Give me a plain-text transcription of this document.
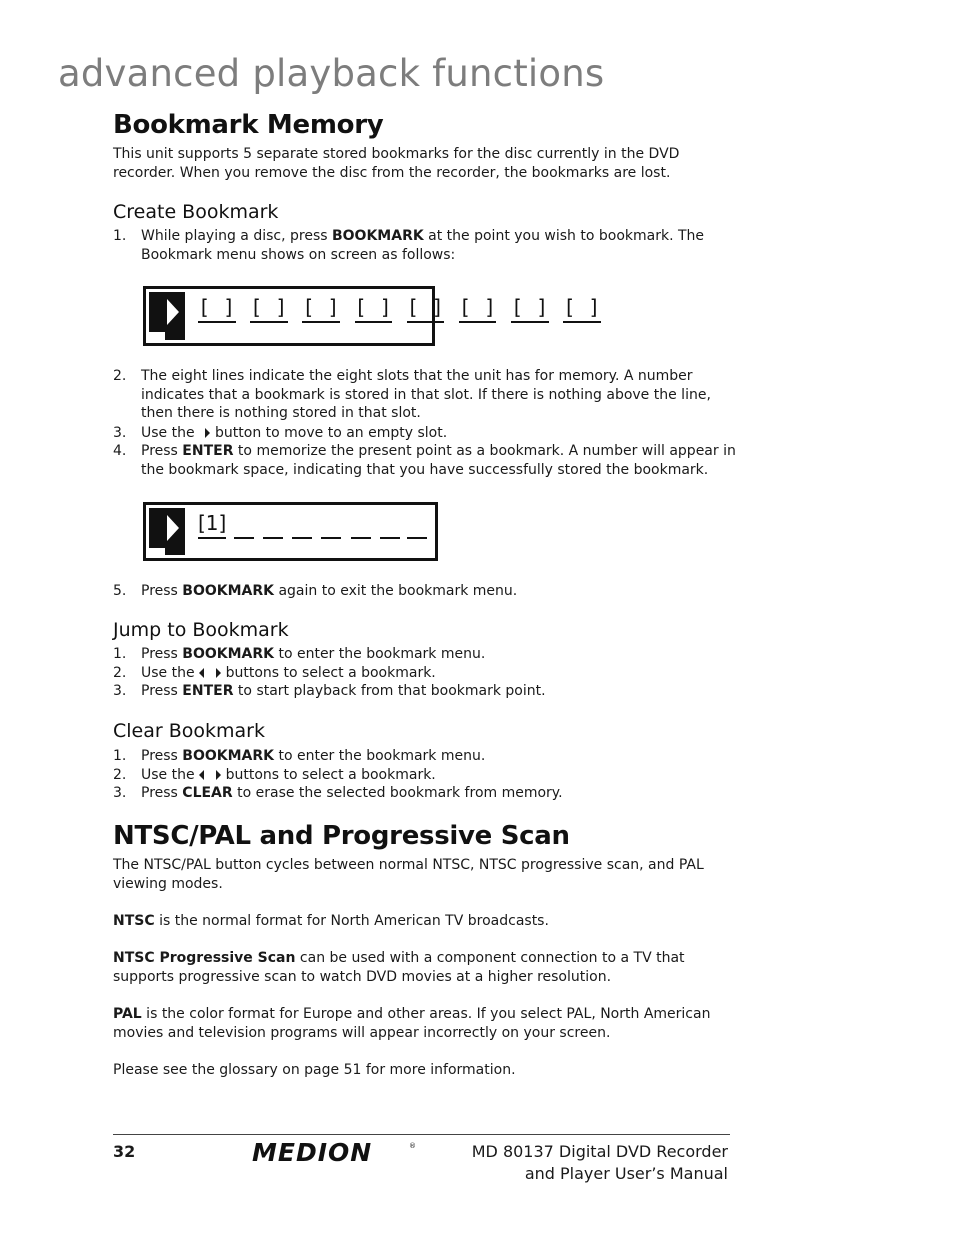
advanced playback functions
Bookmark Memory

This unit supports 5 separate stored bookmarks for the disc currently in the DVD recorder. When you remove the disc from the recorder, the bookmarks are lost.

Create Bookmark
1.	While playing a disc, press BOOKMARK at the point you wish to bookmark. The Bookmark menu shows on screen as follows:
[ ] [ ] [ ] [ ] [ ] [ ] [ ] [ ]
2.	The eight lines indicate the eight slots that the unit has for memory. A number indicates that a bookmark is stored in that slot. If there is nothing above the line, then there is nothing stored in that slot.
3.	Use the button to move to an empty slot.
4.	Press ENTER to memorize the present point as a bookmark. A number will appear in the bookmark space, indicating that you have successfully stored the bookmark.
[1]
5.	Press BOOKMARK again to exit the bookmark menu.
Jump to Bookmark
1.	Press BOOKMARK to enter the bookmark menu.
2.	Use the buttons to select a bookmark.
3.	Press ENTER to start playback from that bookmark point.
Clear Bookmark
1.	Press BOOKMARK to enter the bookmark menu.
2.	Use the buttons to select a bookmark.
3.	Press CLEAR to erase the selected bookmark from memory.
NTSC/PAL and Progressive Scan

The NTSC/PAL button cycles between normal NTSC, NTSC progressive scan, and PAL viewing modes.

NTSC is the normal format for North American TV broadcasts.

NTSC Progressive Scan can be used with a component connection to a TV that supports progressive scan to watch DVD movies at a higher resolution.

PAL is the color format for Europe and other areas. If you select PAL, North American movies and television programs will appear incorrectly on your screen.

Please see the glossary on page 51 for more information.

32	MEDION	®	MD 80137 Digital DVD Recorder
and Player User’s Manual
